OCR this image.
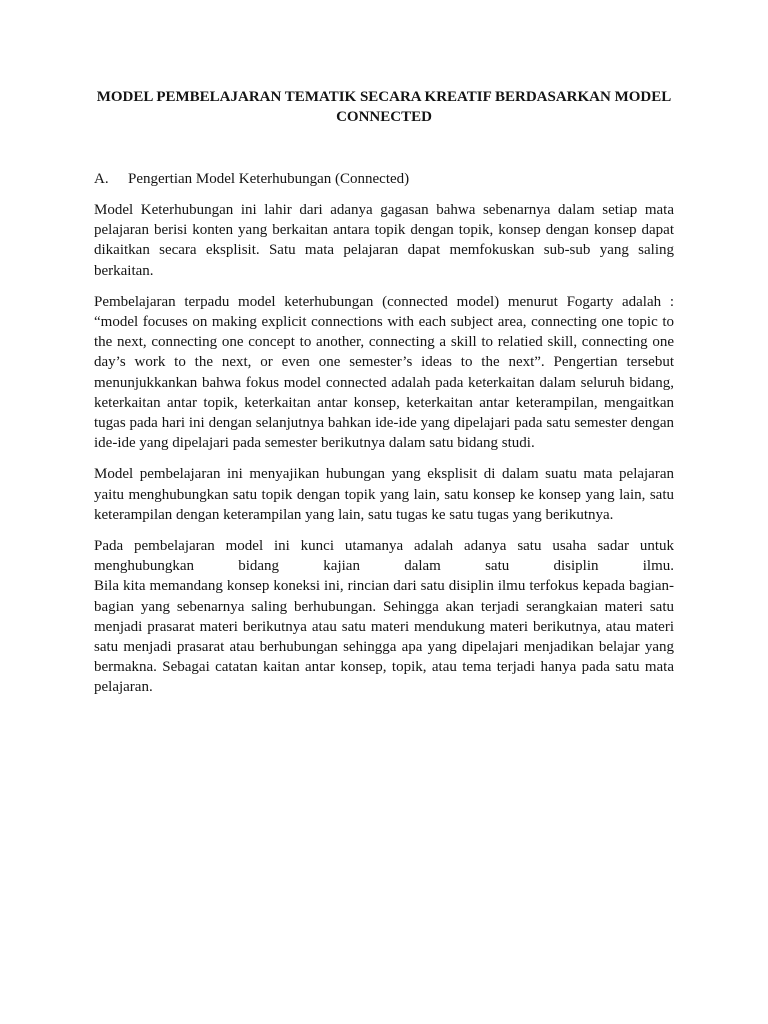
MODEL PEMBELAJARAN TEMATIK SECARA KREATIF BERDASARKAN MODEL CONNECTED
A. Pengertian Model Keterhubungan (Connected)

Model Keterhubungan ini lahir dari adanya gagasan bahwa sebenarnya dalam setiap mata pelajaran berisi konten yang berkaitan antara topik dengan topik, konsep dengan konsep dapat dikaitkan secara eksplisit. Satu mata pelajaran dapat memfokuskan sub-sub yang saling berkaitan.

Pembelajaran terpadu model keterhubungan (connected model) menurut Fogarty adalah : “model focuses on making explicit connections with each subject area, connecting one topic to the next, connecting one concept to another, connecting a skill to relatied skill, connecting one day’s work to the next, or even one semester’s ideas to the next”. Pengertian tersebut menunjukkankan bahwa fokus model connected adalah pada keterkaitan dalam seluruh bidang, keterkaitan antar topik, keterkaitan antar konsep, keterkaitan antar keterampilan, mengaitkan tugas pada hari ini dengan selanjutnya bahkan ide-ide yang dipelajari pada satu semester dengan ide-ide yang dipelajari pada semester berikutnya dalam satu bidang studi.

Model pembelajaran ini menyajikan hubungan yang eksplisit di dalam suatu mata pelajaran yaitu menghubungkan satu topik dengan topik yang lain, satu konsep ke konsep yang lain, satu keterampilan dengan keterampilan yang lain, satu tugas ke satu tugas yang berikutnya.

Pada pembelajaran model ini kunci utamanya adalah adanya satu usaha sadar untuk menghubungkan bidang kajian dalam satu disiplin ilmu.

Bila kita memandang konsep koneksi ini, rincian dari satu disiplin ilmu terfokus kepada bagian-bagian yang sebenarnya saling berhubungan. Sehingga akan terjadi serangkaian materi satu menjadi prasarat materi berikutnya atau satu materi mendukung materi berikutnya, atau materi satu menjadi prasarat atau berhubungan sehingga apa yang dipelajari menjadikan belajar yang bermakna. Sebagai catatan kaitan antar konsep, topik, atau tema terjadi hanya pada satu mata pelajaran.
